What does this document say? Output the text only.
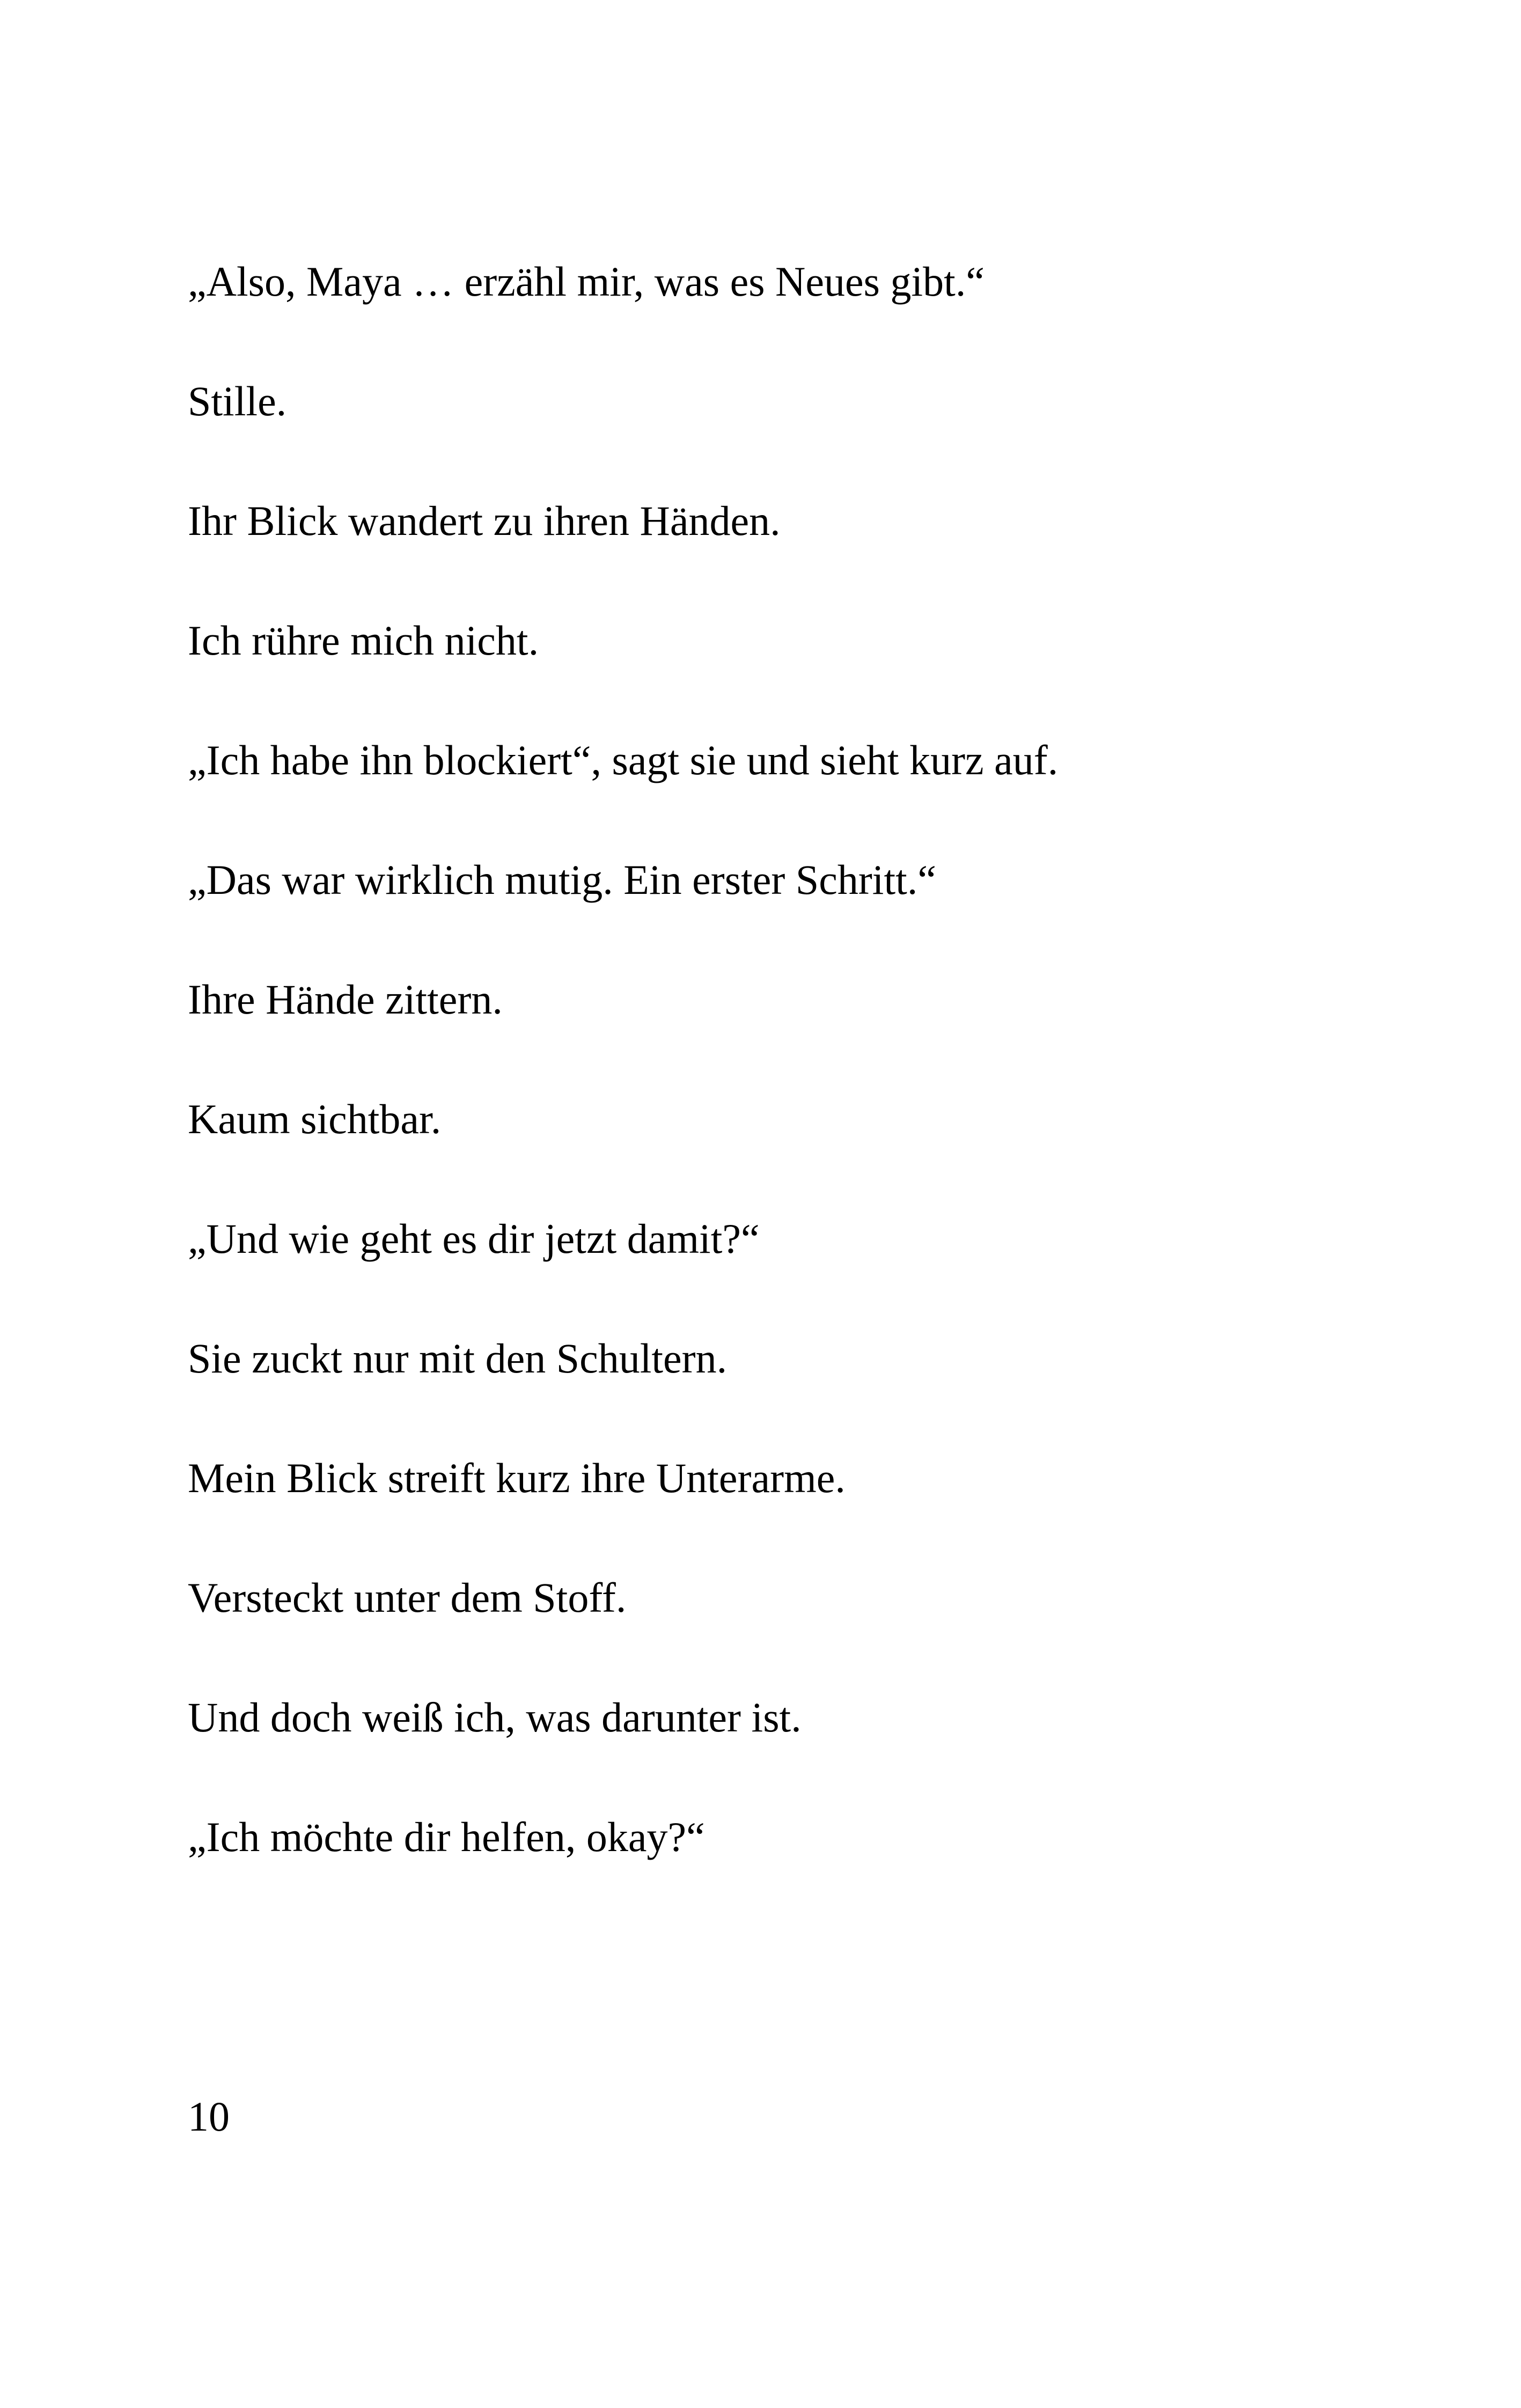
„Also, Maya … erzähl mir, was es Neues gibt.“

Stille.

Ihr Blick wandert zu ihren Händen.

Ich rühre mich nicht.

„Ich habe ihn blockiert“, sagt sie und sieht kurz auf.

„Das war wirklich mutig. Ein erster Schritt.“

Ihre Hände zittern.

Kaum sichtbar.

„Und wie geht es dir jetzt damit?“

Sie zuckt nur mit den Schultern.

Mein Blick streift kurz ihre Unterarme.

Versteckt unter dem Stoff.

Und doch weiß ich, was darunter ist.

„Ich möchte dir helfen, okay?“

10
